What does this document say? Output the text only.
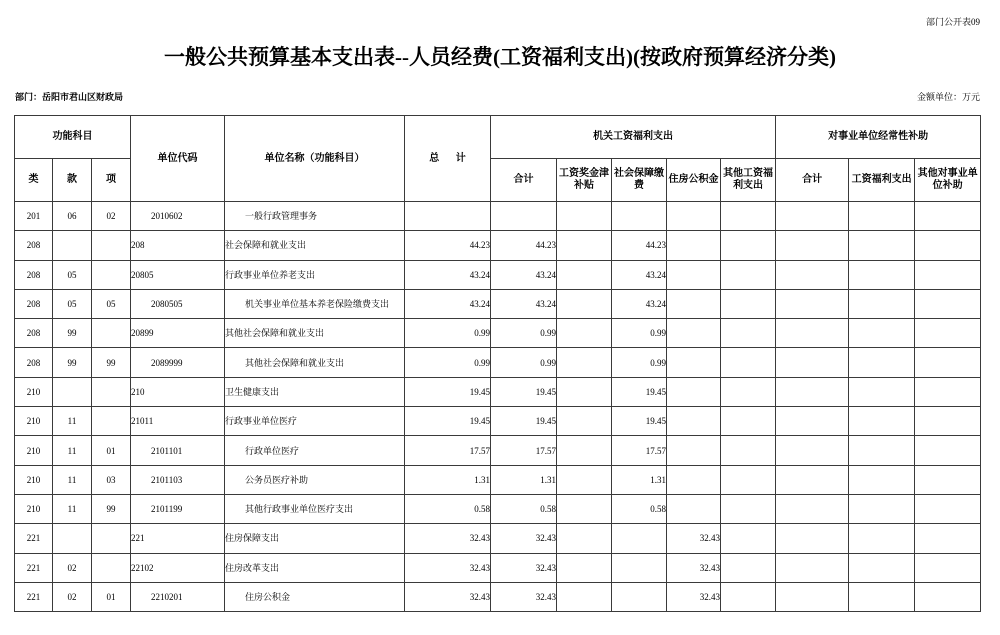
部门公开表09
一般公共预算基本支出表--人员经费(工资福利支出)(按政府预算经济分类)
部门：岳阳市君山区财政局	金额单位：万元
功能科目			单位代码	单位名称（功能科目）	总 计	机关工资福利支出					对事业单位经常性补助		
类	款	项				合计	工资奖金津补贴	社会保障缴费	住房公积金	其他工资福利支出	合计	工资福利支出	其他对事业单位补助
201	06	02	2010602	一般行政管理事务									
208			208	社会保障和就业支出	44.23	44.23		44.23					
208	05		20805	行政事业单位养老支出	43.24	43.24		43.24					
208	05	05	2080505	机关事业单位基本养老保险缴费支出	43.24	43.24		43.24					
208	99		20899	其他社会保障和就业支出	0.99	0.99		0.99					
208	99	99	2089999	其他社会保障和就业支出	0.99	0.99		0.99					
210			210	卫生健康支出	19.45	19.45		19.45					
210	11		21011	行政事业单位医疗	19.45	19.45		19.45					
210	11	01	2101101	行政单位医疗	17.57	17.57		17.57					
210	11	03	2101103	公务员医疗补助	1.31	1.31		1.31					
210	11	99	2101199	其他行政事业单位医疗支出	0.58	0.58		0.58					
221			221	住房保障支出	32.43	32.43			32.43				
221	02		22102	住房改革支出	32.43	32.43			32.43				
221	02	01	2210201	住房公积金	32.43	32.43			32.43				
